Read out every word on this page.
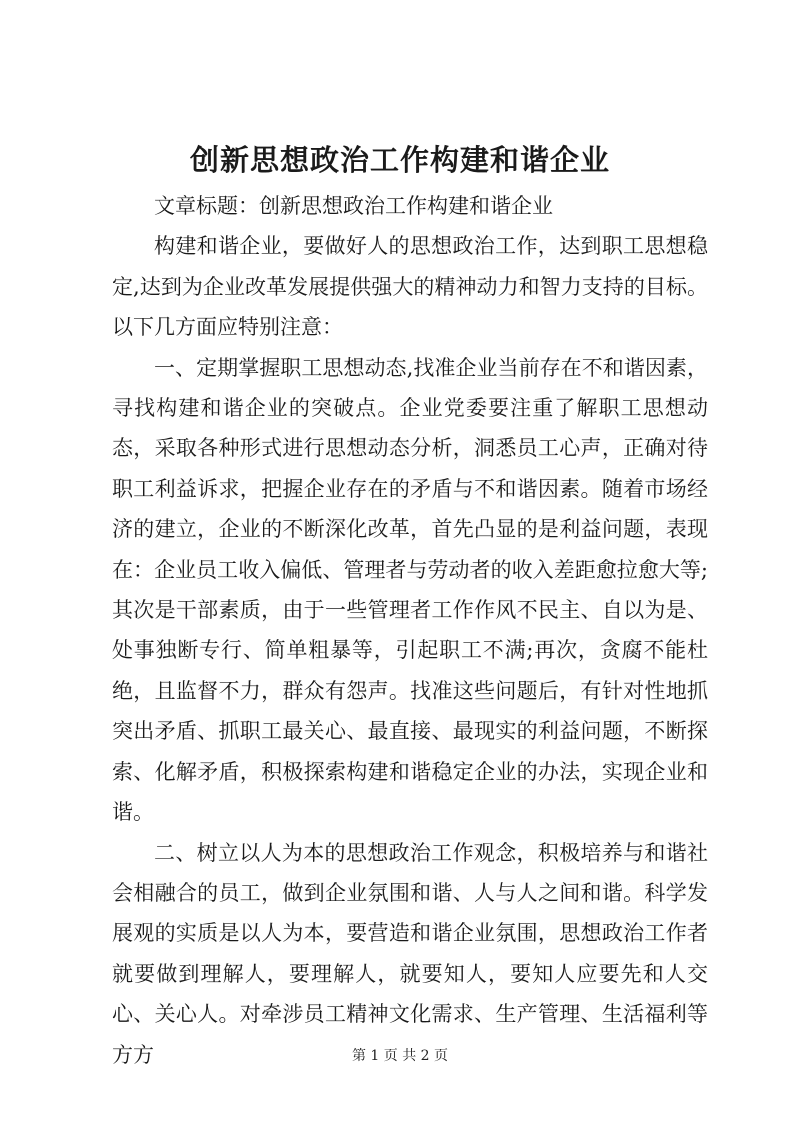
创新思想政治工作构建和谐企业

文章标题：创新思想政治工作构建和谐企业

构建和谐企业，要做好人的思想政治工作，达到职工思想稳定,达到为企业改革发展提供强大的精神动力和智力支持的目标。以下几方面应特别注意：

一、定期掌握职工思想动态,找准企业当前存在不和谐因素，寻找构建和谐企业的突破点。企业党委要注重了解职工思想动态，采取各种形式进行思想动态分析，洞悉员工心声，正确对待职工利益诉求，把握企业存在的矛盾与不和谐因素。随着市场经济的建立，企业的不断深化改革，首先凸显的是利益问题，表现在：企业员工收入偏低、管理者与劳动者的收入差距愈拉愈大等;其次是干部素质，由于一些管理者工作作风不民主、自以为是、处事独断专行、简单粗暴等，引起职工不满;再次，贪腐不能杜绝，且监督不力，群众有怨声。找准这些问题后，有针对性地抓突出矛盾、抓职工最关心、最直接、最现实的利益问题，不断探索、化解矛盾，积极探索构建和谐稳定企业的办法，实现企业和谐。

二、树立以人为本的思想政治工作观念，积极培养与和谐社会相融合的员工，做到企业氛围和谐、人与人之间和谐。科学发展观的实质是以人为本，要营造和谐企业氛围，思想政治工作者就要做到理解人，要理解人，就要知人，要知人应要先和人交心、关心人。对牵涉员工精神文化需求、生产管理、生活福利等方方	第 1 页 共 2 页
